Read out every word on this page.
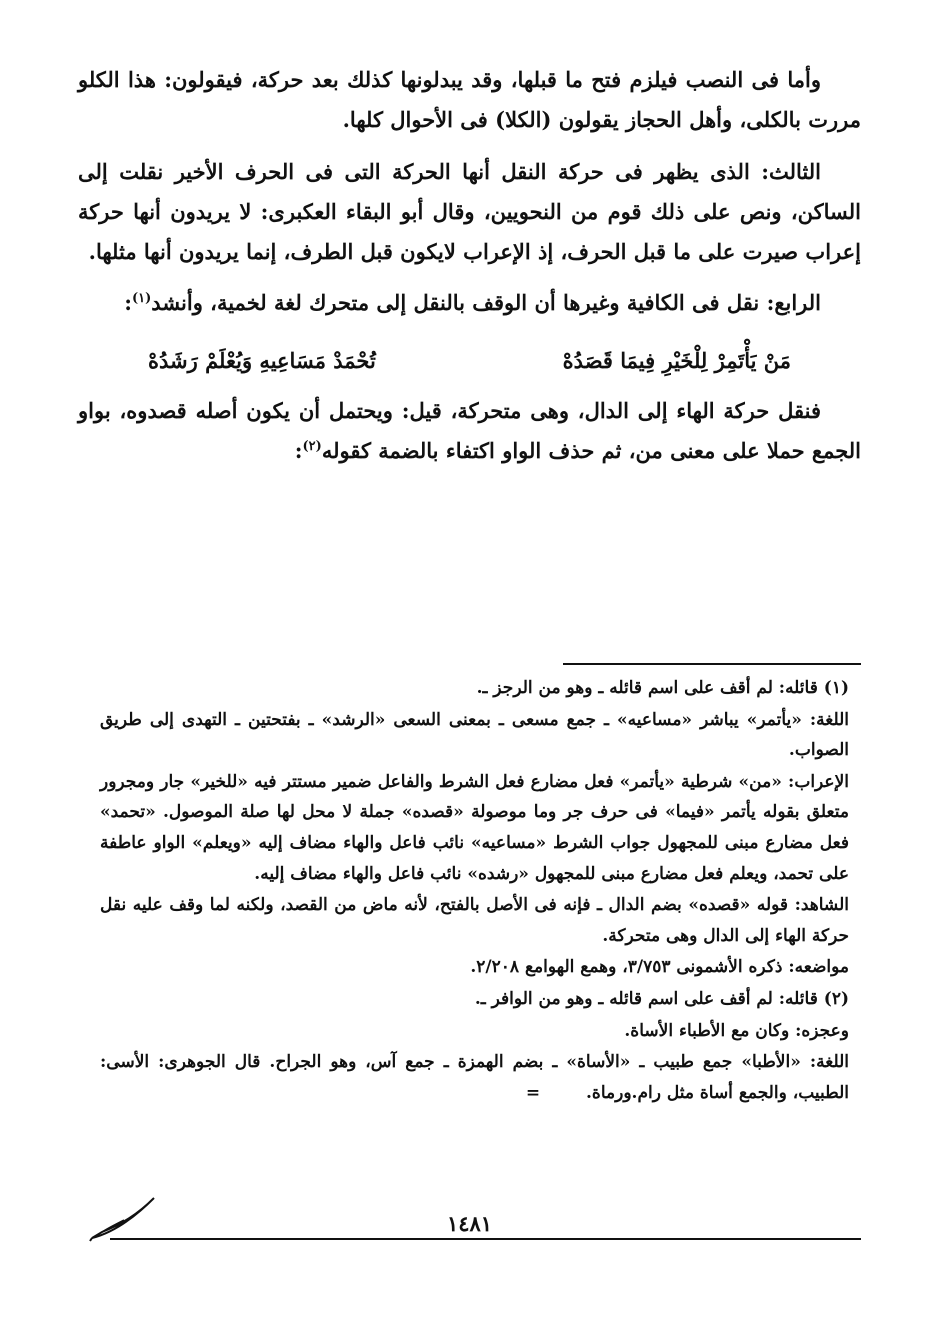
وأما فى النصب فيلزم فتح ما قبلها، وقد يبدلونها كذلك بعد حركة، فيقولون: هذا الكلو مررت بالكلى، وأهل الحجاز يقولون (الكلا) فى الأحوال كلها.

الثالث: الذى يظهر فى حركة النقل أنها الحركة التى فى الحرف الأخير نقلت إلى الساكن، ونص على ذلك قوم من النحويين، وقال أبو البقاء العكبرى: لا يريدون أنها حركة إعراب صيرت على ما قبل الحرف، إذ الإعراب لايكون قبل الطرف، إنما يريدون أنها مثلها.

الرابع: نقل فى الكافية وغيرها أن الوقف بالنقل إلى متحرك لغة لخمية، وأنشد$^{(١)}$:

مَنْ يَأْتَمِرْ لِلْخَيْرِ فِيمَا قَصَدُهْ
تُحْمَدْ مَسَاعِيهِ وَيُعْلَمْ رَشَدُهْ

فنقل حركة الهاء إلى الدال، وهى متحركة، قيل: ويحتمل أن يكون أصله قصدوه، بواو الجمع حملا على معنى من، ثم حذف الواو اكتفاء بالضمة كقوله$^{(٢)}$:

(١) قائله: لم أقف على اسم قائله ـ وهو من الرجز ـ.

اللغة: «يأتمر» يباشر «مساعيه» ـ جمع مسعى ـ بمعنى السعى «الرشد» ـ بفتحتين ـ التهدى إلى طريق الصواب.

الإعراب: «من» شرطية «يأتمر» فعل مضارع فعل الشرط والفاعل ضمير مستتر فيه «للخير» جار ومجرور متعلق بقوله يأتمر «فيما» فى حرف جر وما موصولة «قصده» جملة لا محل لها صلة الموصول. «تحمد» فعل مضارع مبنى للمجهول جواب الشرط «مساعيه» نائب فاعل والهاء مضاف إليه «ويعلم» الواو عاطفة على تحمد، ويعلم فعل مضارع مبنى للمجهول «رشده» نائب فاعل والهاء مضاف إليه.

الشاهد: قوله «قصده» بضم الدال ـ فإنه فى الأصل بالفتح، لأنه ماض من القصد، ولكنه لما وقف عليه نقل حركة الهاء إلى الدال وهى متحركة.

مواضعه: ذكره الأشمونى ٣/٧٥٣، وهمع الهوامع ٢/٢٠٨.

(٢) قائله: لم أقف على اسم قائله ـ وهو من الوافر ـ.

وعجزه: وكان مع الأطباء الأساة.

اللغة: «الأطبا» جمع طبيب ـ «الأساة» ـ بضم الهمزة ـ جمع آس، وهو الجراح. قال الجوهرى: الأسى: الطبيب، والجمع أساة مثل رام.ورماة. =

١٤٨١
